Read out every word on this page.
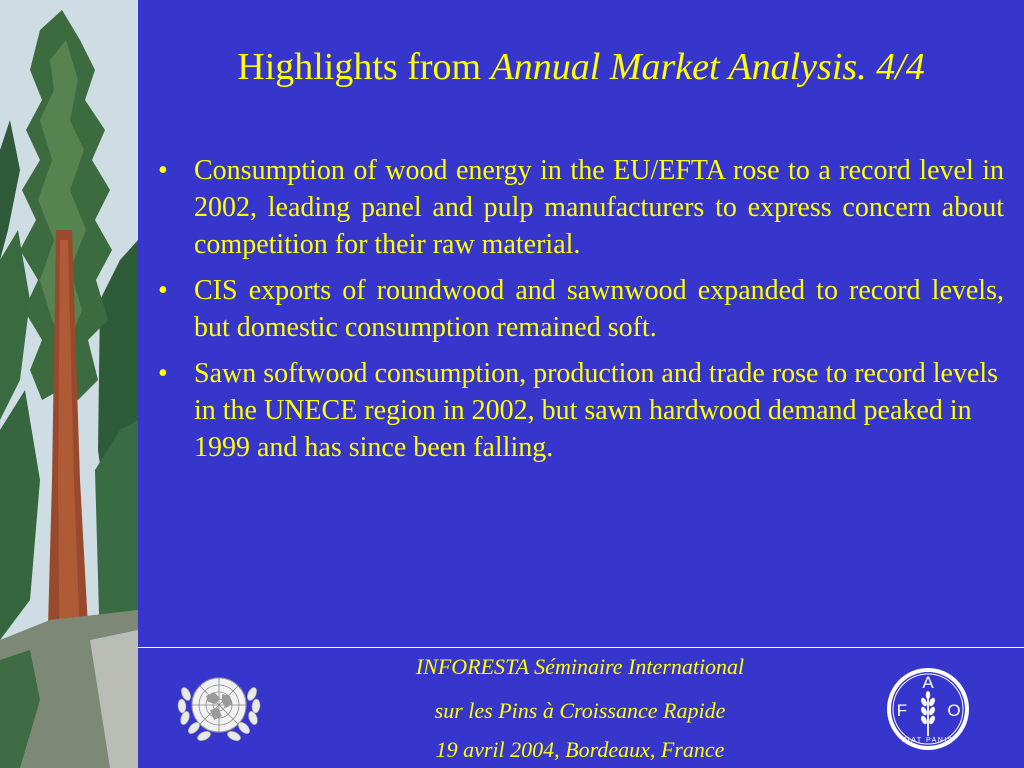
Highlights from Annual Market Analysis. 4/4
• Consumption of wood energy in the EU/EFTA rose to a record level in 2002, leading panel and pulp manufacturers to express concern about competition for their raw material.
• CIS exports of roundwood and sawnwood expanded to record levels, but domestic consumption remained soft.
• Sawn softwood consumption, production and trade rose to record levels in the UNECE region in 2002, but sawn hardwood demand peaked in 1999 and has since been falling.
INFORESTA Séminaire International
sur les Pins à Croissance Rapide
19 avril 2004, Bordeaux, France
A
F O
FIAT PANIS
